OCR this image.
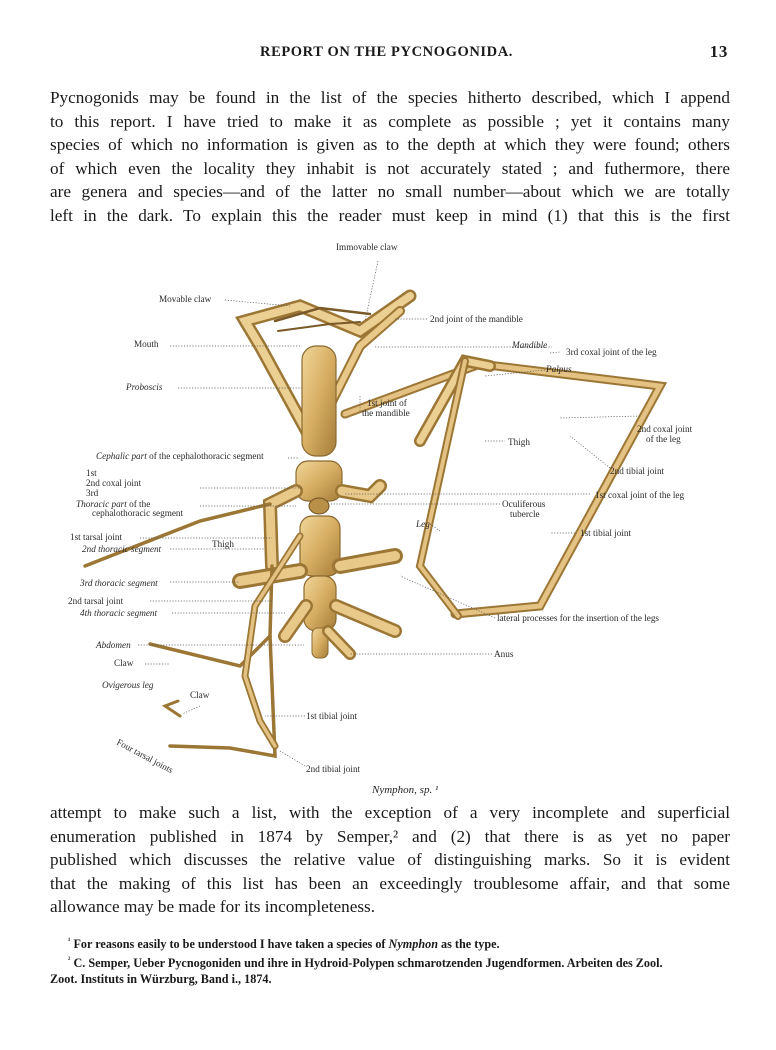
REPORT ON THE PYCNOGONIDA.	13

Pycnogonids may be found in the list of the species hitherto described, which I append
to this report. I have tried to make it as complete as possible ; yet it contains many
species of which no information is given as to the depth at which they were found; others
of which even the locality they inhabit is not accurately stated ; and futhermore, there
are genera and species—and of the latter no small number—about which we are totally
left in the dark. To explain this the reader must keep in mind (1) that this is the first

Immovable claw
Movable claw
2nd joint of the mandible
Mouth	Mandible
3rd coxal joint of the leg
Palpus
Proboscis
1st joint of
the mandible
2nd coxal joint
of the leg
Thigh
Cephalic part of the cephalothoracic segment
2nd tibial joint
1st
2nd coxal joint
3rd	1st coxal joint of the leg
Thoracic part of the
cephalothoracic segment
Oculiferous
tubercle
Leg
1st tibial joint
1st tarsal joint
Thigh
2nd thoracic segment
3rd thoracic segment
2nd tarsal joint
4th thoracic segment	lateral processes for the insertion of the legs
Abdomen
Anus
Claw
Ovigerous leg
Claw
1st tibial joint
Four tarsal joints	2nd tibial joint
Nymphon, sp. ¹

attempt to make such a list, with the exception of a very incomplete and superficial
enumeration published in 1874 by Semper,² and (2) that there is as yet no paper
published which discusses the relative value of distinguishing marks. So it is evident
that the making of this list has been an exceedingly troublesome affair, and that some
allowance may be made for its incompleteness.

$^{^1}$ For reasons easily to be understood I have taken a species of Nymphon as the type.
$^{^2}$ C. Semper, Ueber Pycnogoniden und ihre in Hydroid-Polypen schmarotzenden Jugendformen. Arbeiten des Zool.
Zoot. Instituts in Würzburg, Band i., 1874.
